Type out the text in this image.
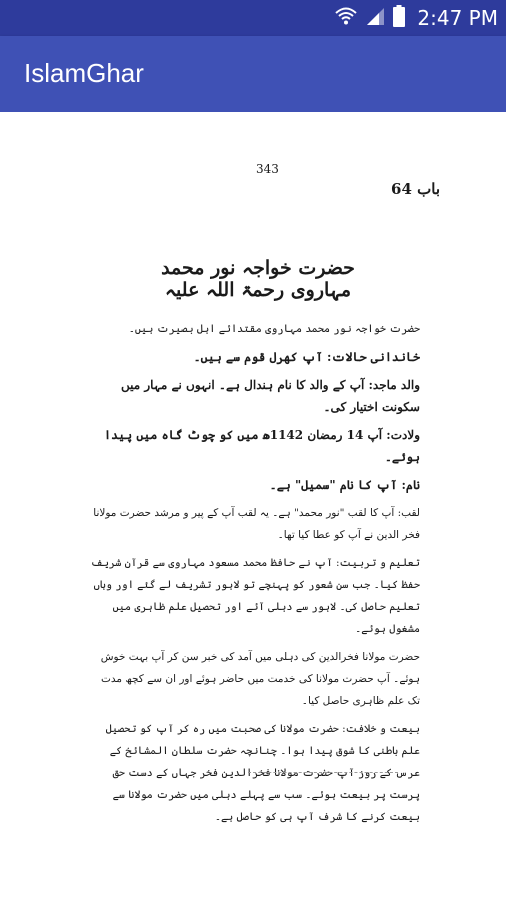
2:47 PM
IslamGhar
343
باب 64
حضرت خواجہ نور محمد مہاروی رحمۃ اللہ علیہ

حضرت خواجہ نور محمد مہاروی مقتدائے اہل بصیرت ہیں۔

خاندانی حالات: آپ کھرل قوم سے ہیں۔

والد ماجد: آپ کے والد کا نام ہندال ہے۔ انہوں نے مہار میں سکونت اختیار کی۔

ولادت: آپ 14 رمضان 1142ھ میں کو چوٹ گاہ میں پیدا ہوئے۔

نام: آپ کا نام "سمیل" ہے۔

لقب: آپ کا لقب "نور محمد" ہے۔ یہ لقب آپ کے پیر و مرشد حضرت مولانا فخر الدین نے آپ کو عطا کیا تھا۔

تعلیم و تربیت: آپ نے حافظ محمد مسعود مہاروی سے قرآن شریف حفظ کیا۔ جب سن شعور کو پہنچے تو لاہور تشریف لے گئے اور وہاں تعلیم حاصل کی۔ لاہور سے دہلی آئے اور تحصیل علم ظاہری میں مشغول ہوئے۔

حضرت مولانا فخرالدین کی دہلی میں آمد کی خبر سن کر آپ بہت خوش ہوئے۔ آپ حضرت مولانا کی خدمت میں حاضر ہوئے اور ان سے کچھ مدت تک علم ظاہری حاصل کیا۔

بیعت و خلافت: حضرت مولانا کی صحبت میں رہ کر آپ کو تحصیل علم باطنی کا شوق پیدا ہوا۔ چنانچہ حضرت سلطان المشائخ کے عرس کے روز آپ حضرت مولانا فخرالدین فخر جہاں کے دست حق پرست پر بیعت ہوئے۔ سب سے پہلے دہلی میں حضرت مولانا سے بیعت کرنے کا شرف آپ ہی کو حاصل ہے۔
